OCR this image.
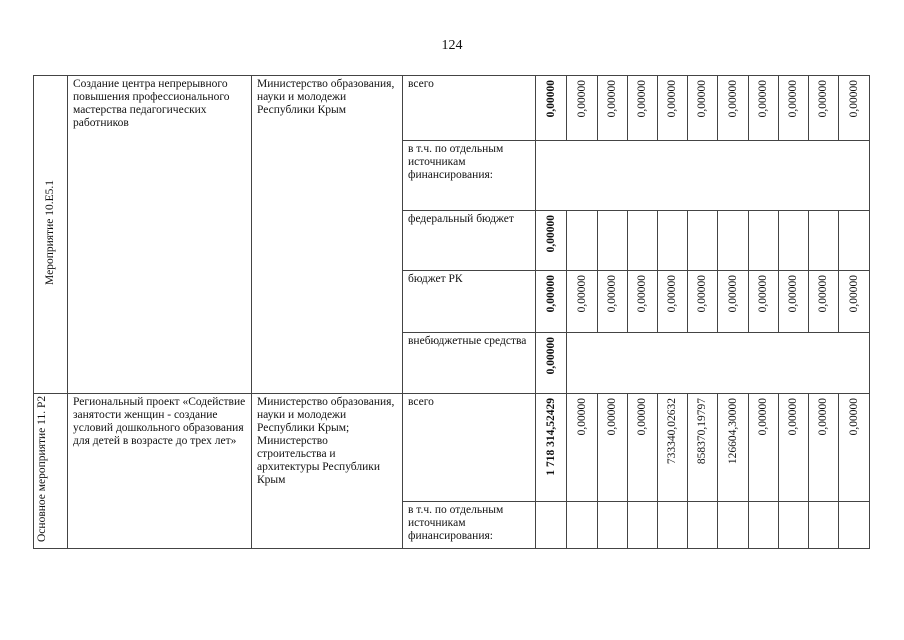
124
Мероприятие 10.E5.1	Создание центра непрерывного повышения профессионального мастерства педагогических работников	Министерство образования, науки и молодежи Республики Крым	всего	0,00000	0,00000	0,00000	0,00000	0,00000	0,00000	0,00000	0,00000	0,00000	0,00000	0,00000
			в т.ч. по отдельным источникам финансирования:											
			федеральный бюджет	0,00000										
			бюджет РК	0,00000	0,00000	0,00000	0,00000	0,00000	0,00000	0,00000	0,00000	0,00000	0,00000	0,00000
			внебюджетные средства	0,00000										
Основное мероприятие 11. P2	Региональный проект «Содействие занятости женщин - создание условий дошкольного образования для детей в возрасте до трех лет»	Министерство образования, науки и молодежи Республики Крым; Министерство строительства и архитектуры Республики Крым	всего	1 718 314,52429	0,00000	0,00000	0,00000	733340,02632	858370,19797	126604,30000	0,00000	0,00000	0,00000	0,00000
			в т.ч. по отдельным источникам финансирования:											
